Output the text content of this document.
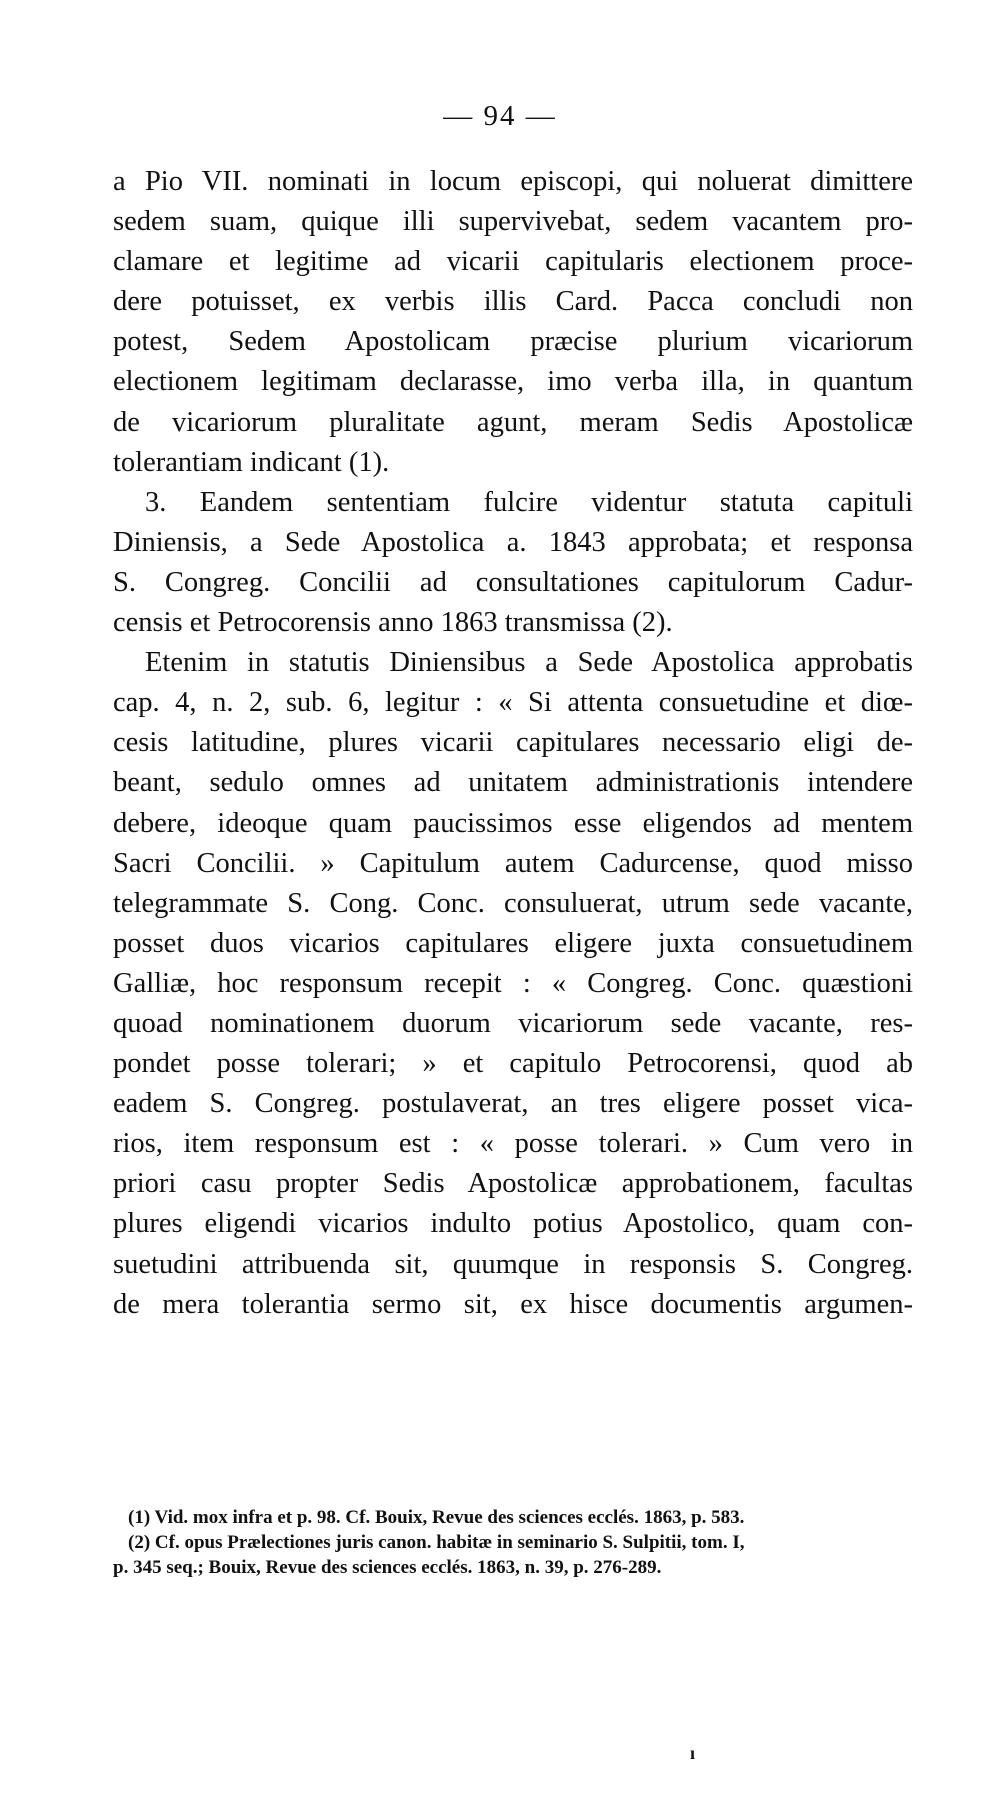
— 94 —
a Pio VII. nominati in locum episcopi, qui noluerat dimittere
sedem suam, quique illi supervivebat, sedem vacantem pro-
clamare et legitime ad vicarii capitularis electionem proce-
dere potuisset, ex verbis illis Card. Pacca concludi non
potest, Sedem Apostolicam præcise plurium vicariorum
electionem legitimam declarasse, imo verba illa, in quantum
de vicariorum pluralitate agunt, meram Sedis Apostolicæ
tolerantiam indicant (1).
3. Eandem sententiam fulcire videntur statuta capituli
Diniensis, a Sede Apostolica a. 1843 approbata; et responsa
S. Congreg. Concilii ad consultationes capitulorum Cadur-
censis et Petrocorensis anno 1863 transmissa (2).
Etenim in statutis Diniensibus a Sede Apostolica approbatis
cap. 4, n. 2, sub. 6, legitur : « Si attenta consuetudine et diœ-
cesis latitudine, plures vicarii capitulares necessario eligi de-
beant, sedulo omnes ad unitatem administrationis intendere
debere, ideoque quam paucissimos esse eligendos ad mentem
Sacri Concilii. » Capitulum autem Cadurcense, quod misso
telegrammate S. Cong. Conc. consuluerat, utrum sede vacante,
posset duos vicarios capitulares eligere juxta consuetudinem
Galliæ, hoc responsum recepit : « Congreg. Conc. quæstioni
quoad nominationem duorum vicariorum sede vacante, res-
pondet posse tolerari; » et capitulo Petrocorensi, quod ab
eadem S. Congreg. postulaverat, an tres eligere posset vica-
rios, item responsum est : « posse tolerari. » Cum vero in
priori casu propter Sedis Apostolicæ approbationem, facultas
plures eligendi vicarios indulto potius Apostolico, quam con-
suetudini attribuenda sit, quumque in responsis S. Congreg.
de mera tolerantia sermo sit, ex hisce documentis argumen-
(1) Vid. mox infra et p. 98. Cf. Bouix, Revue des sciences ecclés. 1863, p. 583.
(2) Cf. opus Prælectiones juris canon. habitæ in seminario S. Sulpitii, tom. I,
p. 345 seq.; Bouix, Revue des sciences ecclés. 1863, n. 39, p. 276-289.
ı
